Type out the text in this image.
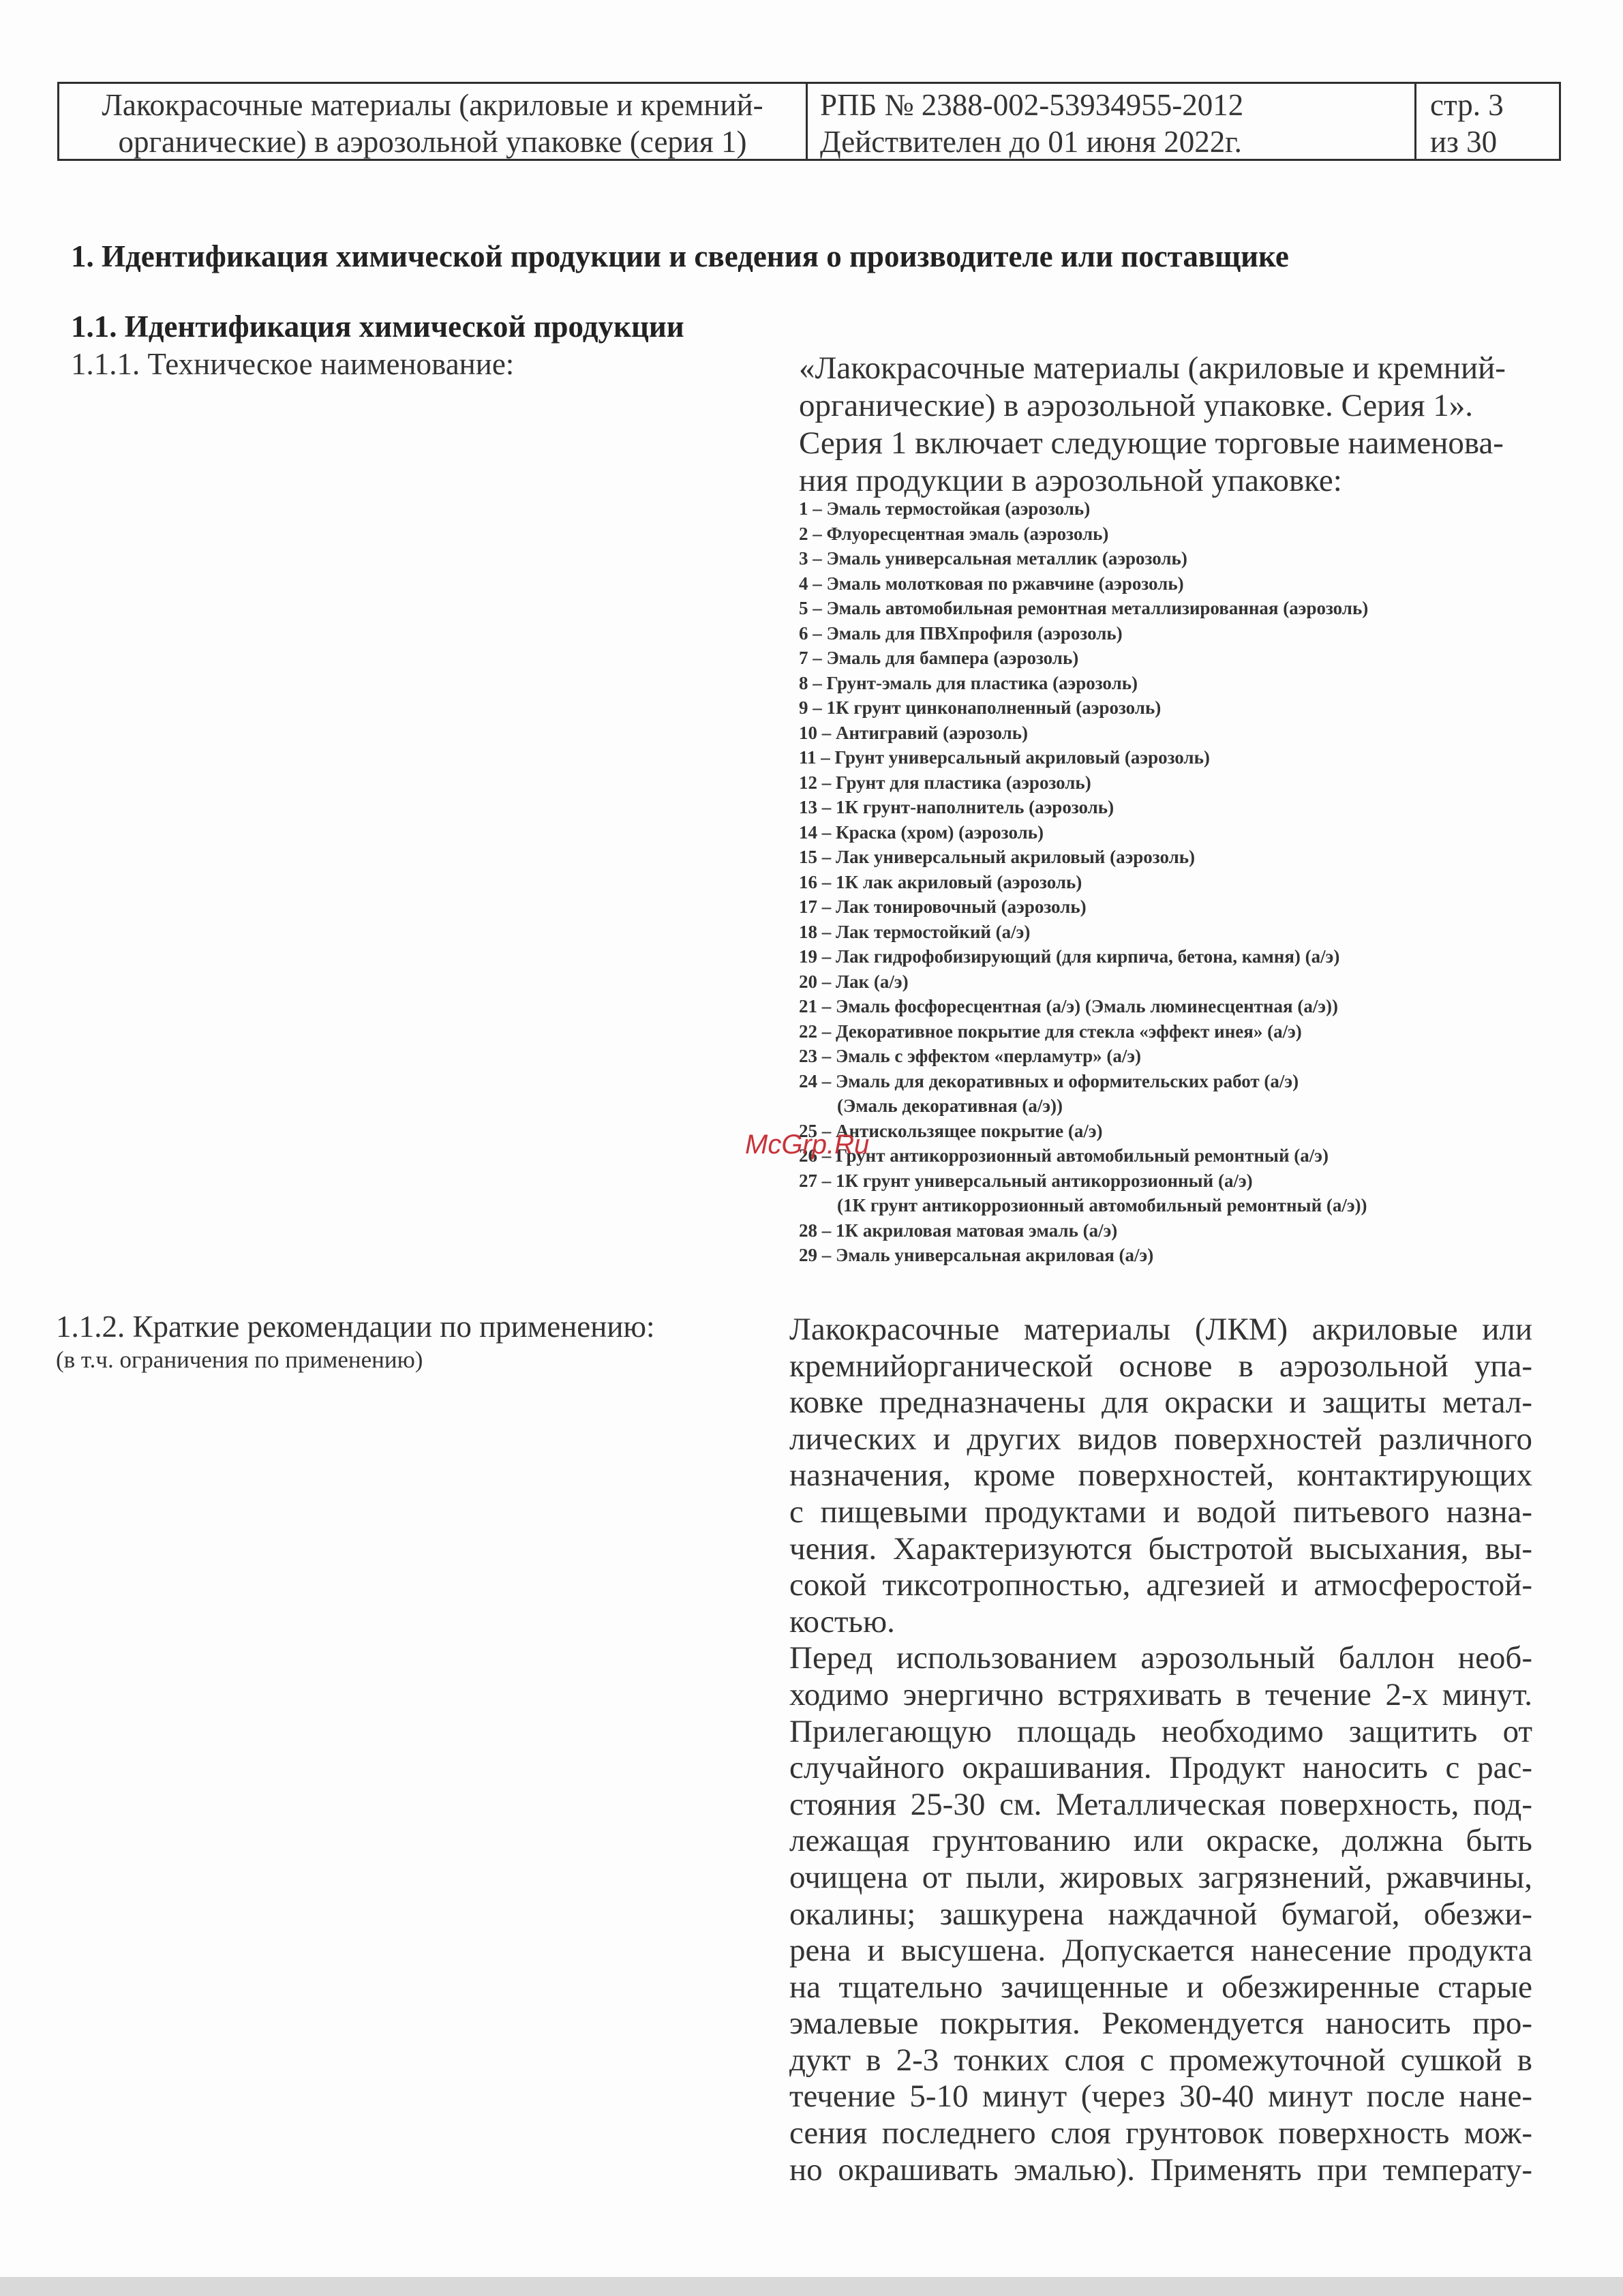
Лакокрасочные материалы (акриловые и кремний-
органические) в аэрозольной упаковке (серия 1)
РПБ № 2388-002-53934955-2012
Действителен до 01 июня 2022г.
стр. 3
из 30
1. Идентификация химической продукции и сведения о производителе или поставщике
1.1. Идентификация химической продукции
1.1.1. Техническое наименование:	«Лакокрасочные материалы (акриловые и кремний-
органические) в аэрозольной упаковке. Серия 1».
Серия 1 включает следующие торговые наименова-
ния продукции в аэрозольной упаковке:
1 – Эмаль термостойкая (аэрозоль)
2 – Флуоресцентная эмаль (аэрозоль)
3 – Эмаль универсальная металлик (аэрозоль)
4 – Эмаль молотковая по ржавчине (аэрозоль)
5 – Эмаль автомобильная ремонтная металлизированная (аэрозоль)
6 – Эмаль для ПВХпрофиля (аэрозоль)
7 – Эмаль для бампера (аэрозоль)
8 – Грунт-эмаль для пластика (аэрозоль)
9 – 1К грунт цинконаполненный (аэрозоль)
10 – Антигравий (аэрозоль)
11 – Грунт универсальный акриловый (аэрозоль)
12 – Грунт для пластика (аэрозоль)
13 – 1К грунт-наполнитель (аэрозоль)
14 – Краска (хром) (аэрозоль)
15 – Лак универсальный акриловый (аэрозоль)
16 – 1К лак акриловый (аэрозоль)
17 – Лак тонировочный (аэрозоль)
18 – Лак термостойкий (а/э)
19 – Лак гидрофобизирующий (для кирпича, бетона, камня) (а/э)
20 – Лак (а/э)
21 – Эмаль фосфоресцентная (а/э) (Эмаль люминесцентная (а/э))
22 – Декоративное покрытие для стекла «эффект инея» (а/э)
23 – Эмаль с эффектом «перламутр» (а/э)
24 – Эмаль для декоративных и оформительских работ (а/э)
(Эмаль декоративная (а/э))
25 – Антискользящее покрытие (а/э)
26 – Грунт антикоррозионный автомобильный ремонтный (а/э)
27 – 1К грунт универсальный антикоррозионный (а/э)
(1К грунт антикоррозионный автомобильный ремонтный (а/э))
28 – 1К акриловая матовая эмаль (а/э)
29 – Эмаль универсальная акриловая (а/э)
McGrp.Ru
1.1.2. Краткие рекомендации по применению:
(в т.ч. ограничения по применению)
Лакокрасочные материалы (ЛКМ) акриловые или
кремнийорганической основе в аэрозольной упа-
ковке предназначены для окраски и защиты метал-
лических и других видов поверхностей различного
назначения, кроме поверхностей, контактирующих
с пищевыми продуктами и водой питьевого назна-
чения. Характеризуются быстротой высыхания, вы-
сокой тиксотропностью, адгезией и атмосферостой-
костью.
Перед использованием аэрозольный баллон необ-
ходимо энергично встряхивать в течение 2-х минут.
Прилегающую площадь необходимо защитить от
случайного окрашивания. Продукт наносить с рас-
стояния 25-30 см. Металлическая поверхность, под-
лежащая грунтованию или окраске, должна быть
очищена от пыли, жировых загрязнений, ржавчины,
окалины; зашкурена наждачной бумагой, обезжи-
рена и высушена. Допускается нанесение продукта
на тщательно зачищенные и обезжиренные старые
эмалевые покрытия. Рекомендуется наносить про-
дукт в 2-3 тонких слоя с промежуточной сушкой в
течение 5-10 минут (через 30-40 минут после нане-
сения последнего слоя грунтовок поверхность мож-
но окрашивать эмалью). Применять при температу-
